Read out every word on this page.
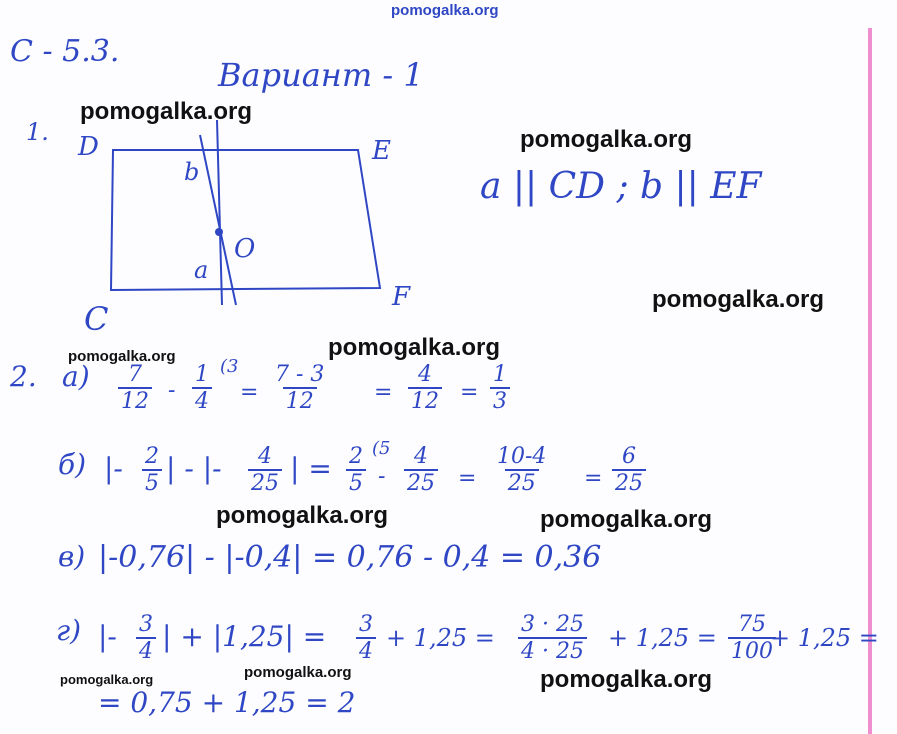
pomogalka.org
С - 5.3.
Вариант - 1
1. D	E
C
F
b
a
O
a || CD ; b || EF
2. $а) \frac{7}{12} - \frac{1}{4} (3$
= $\frac{7 - 3}{12} = \frac{4}{12} = \frac{1}{3}$
б) |- $\frac{2}{5}$ | - |- $\frac{4}{25}$ | = $\frac{2}{5} (5$
- $\frac{4}{25} = \frac{10-4}{25} = \frac{6}{25}$
в) |-0,76| - |-0,4| = 0,76 - 0,4 = 0,36
г) |- $\frac{3}{4}$ | + $|1,25| = \frac{3}{4} + 1,25 = \frac{3 \cdot 25}{4 \cdot 25} + 1,25 = \frac{75}{100}$
+ 1,25 =
= 0,75 + 1,25 = 2
pomogalka.org
pomogalka.org
pomogalka.org
pomogalka.org	pomogalka.org
pomogalka.org	pomogalka.org
pomogalka.org
pomogalka.org	pomogalka.org
